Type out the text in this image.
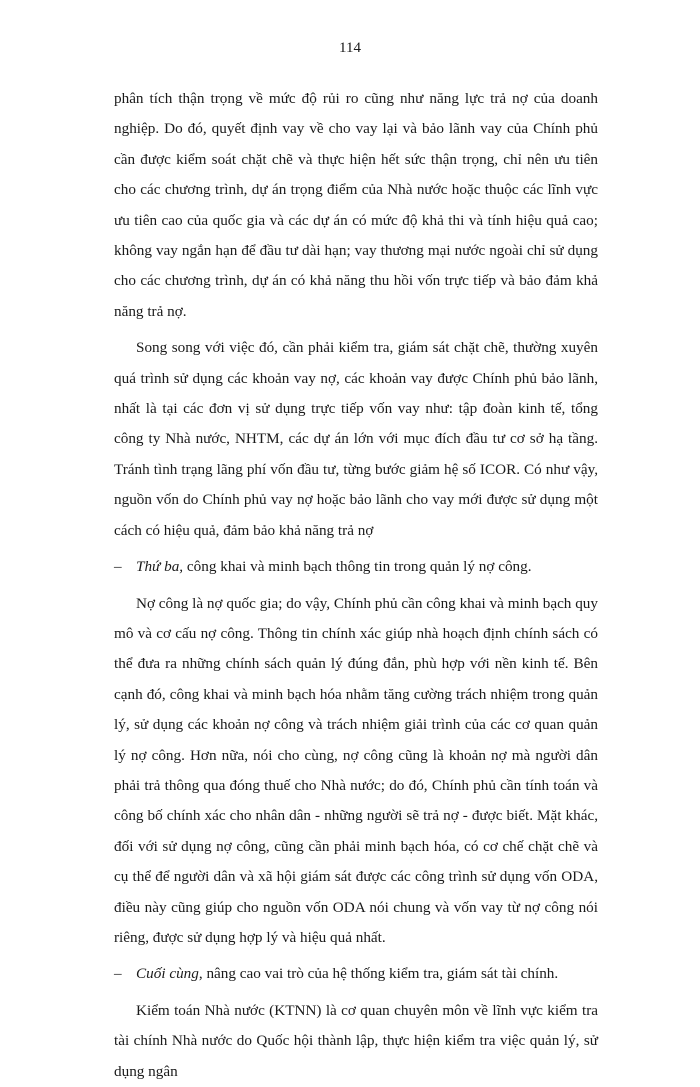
114

phân tích thận trọng về mức độ rủi ro cũng như năng lực trả nợ của doanh nghiệp. Do đó, quyết định vay về cho vay lại và bảo lãnh vay của Chính phủ cần được kiểm soát chặt chẽ và thực hiện hết sức thận trọng, chỉ nên ưu tiên cho các chương trình, dự án trọng điểm của Nhà nước hoặc thuộc các lĩnh vực ưu tiên cao của quốc gia và các dự án có mức độ khả thi và tính hiệu quả cao; không vay ngắn hạn để đầu tư dài hạn; vay thương mại nước ngoài chỉ sử dụng cho các chương trình, dự án có khả năng thu hồi vốn trực tiếp và bảo đảm khả năng trả nợ.

Song song với việc đó, cần phải kiểm tra, giám sát chặt chẽ, thường xuyên quá trình sử dụng các khoản vay nợ, các khoản vay được Chính phủ bảo lãnh, nhất là tại các đơn vị sử dụng trực tiếp vốn vay như: tập đoàn kinh tế, tổng công ty Nhà nước, NHTM, các dự án lớn với mục đích đầu tư cơ sở hạ tầng. Tránh tình trạng lãng phí vốn đầu tư, từng bước giảm hệ số ICOR. Có như vậy, nguồn vốn do Chính phủ vay nợ hoặc bảo lãnh cho vay mới được sử dụng một cách có hiệu quả, đảm bảo khả năng trả nợ

– Thứ ba, công khai và minh bạch thông tin trong quản lý nợ công.

Nợ công là nợ quốc gia; do vậy, Chính phủ cần công khai và minh bạch quy mô và cơ cấu nợ công. Thông tin chính xác giúp nhà hoạch định chính sách có thể đưa ra những chính sách quản lý đúng đắn, phù hợp với nền kinh tế. Bên cạnh đó, công khai và minh bạch hóa nhằm tăng cường trách nhiệm trong quản lý, sử dụng các khoản nợ công và trách nhiệm giải trình của các cơ quan quản lý nợ công. Hơn nữa, nói cho cùng, nợ công cũng là khoản nợ mà người dân phải trả thông qua đóng thuế cho Nhà nước; do đó, Chính phủ cần tính toán và công bố chính xác cho nhân dân - những người sẽ trả nợ - được biết. Mặt khác, đối với sử dụng nợ công, cũng cần phải minh bạch hóa, có cơ chế chặt chẽ và cụ thể để người dân và xã hội giám sát được các công trình sử dụng vốn ODA, điều này cũng giúp cho nguồn vốn ODA nói chung và vốn vay từ nợ công nói riêng, được sử dụng hợp lý và hiệu quả nhất.

– Cuối cùng, nâng cao vai trò của hệ thống kiểm tra, giám sát tài chính.

Kiểm toán Nhà nước (KTNN) là cơ quan chuyên môn về lĩnh vực kiểm tra tài chính Nhà nước do Quốc hội thành lập, thực hiện kiểm tra việc quản lý, sử dụng ngân
